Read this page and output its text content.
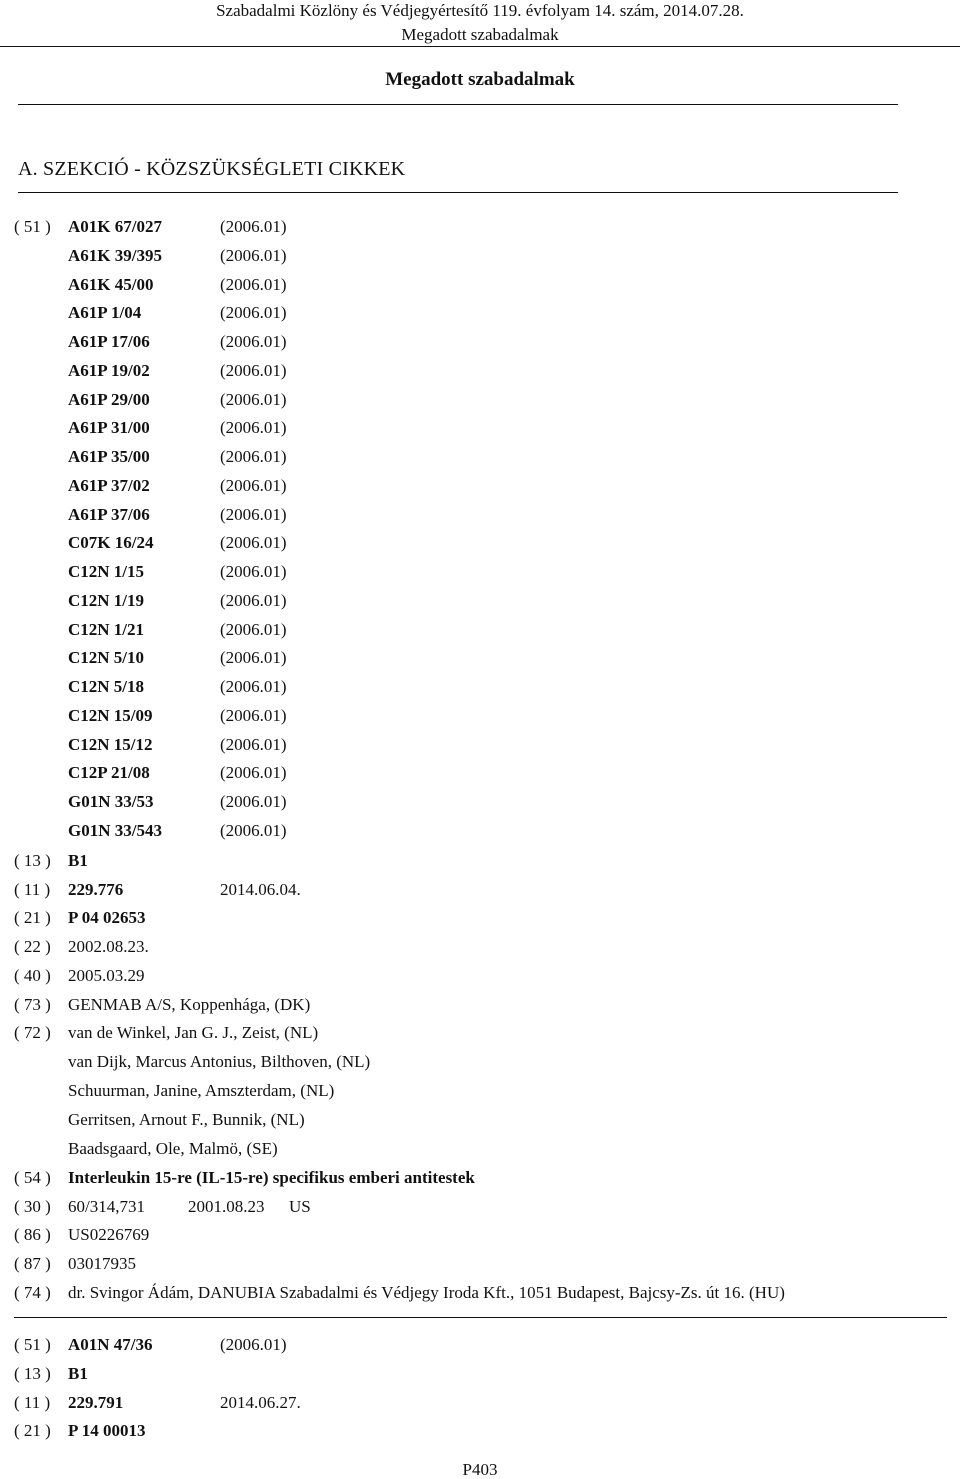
Szabadalmi Közlöny és Védjegyértesítő 119. évfolyam 14. szám, 2014.07.28.
Megadott szabadalmak
Megadott szabadalmak
A. SZEKCIÓ - KÖZSZÜKSÉGLETI CIKKEK
( 51 ) A01K 67/027	(2006.01)
A61K 39/395	(2006.01)
A61K 45/00	(2006.01)
A61P 1/04	(2006.01)
A61P 17/06	(2006.01)
A61P 19/02	(2006.01)
A61P 29/00	(2006.01)
A61P 31/00	(2006.01)
A61P 35/00	(2006.01)
A61P 37/02	(2006.01)
A61P 37/06	(2006.01)
C07K 16/24	(2006.01)
C12N 1/15	(2006.01)
C12N 1/19	(2006.01)
C12N 1/21	(2006.01)
C12N 5/10	(2006.01)
C12N 5/18	(2006.01)
C12N 15/09	(2006.01)
C12N 15/12	(2006.01)
C12P 21/08	(2006.01)
G01N 33/53	(2006.01)
G01N 33/543	(2006.01)
( 13 ) B1
( 11 ) 229.776	2014.06.04.
( 21 ) P 04 02653
( 22 ) 2002.08.23.
( 40 ) 2005.03.29
( 73 ) GENMAB A/S, Koppenhága, (DK)
( 72 ) van de Winkel, Jan G. J., Zeist, (NL)
van Dijk, Marcus Antonius, Bilthoven, (NL)
Schuurman, Janine, Amszterdam, (NL)
Gerritsen, Arnout F., Bunnik, (NL)
Baadsgaard, Ole, Malmö, (SE)
( 54 ) Interleukin 15-re (IL-15-re) specifikus emberi antitestek
( 30 ) 60/314,731	2001.08.23 US
( 86 ) US0226769
( 87 ) 03017935
( 74 ) dr. Svingor Ádám, DANUBIA Szabadalmi és Védjegy Iroda Kft., 1051 Budapest, Bajcsy-Zs. út 16. (HU)
( 51 ) A01N 47/36	(2006.01)
( 13 ) B1
( 11 ) 229.791	2014.06.27.
( 21 ) P 14 00013
P403
